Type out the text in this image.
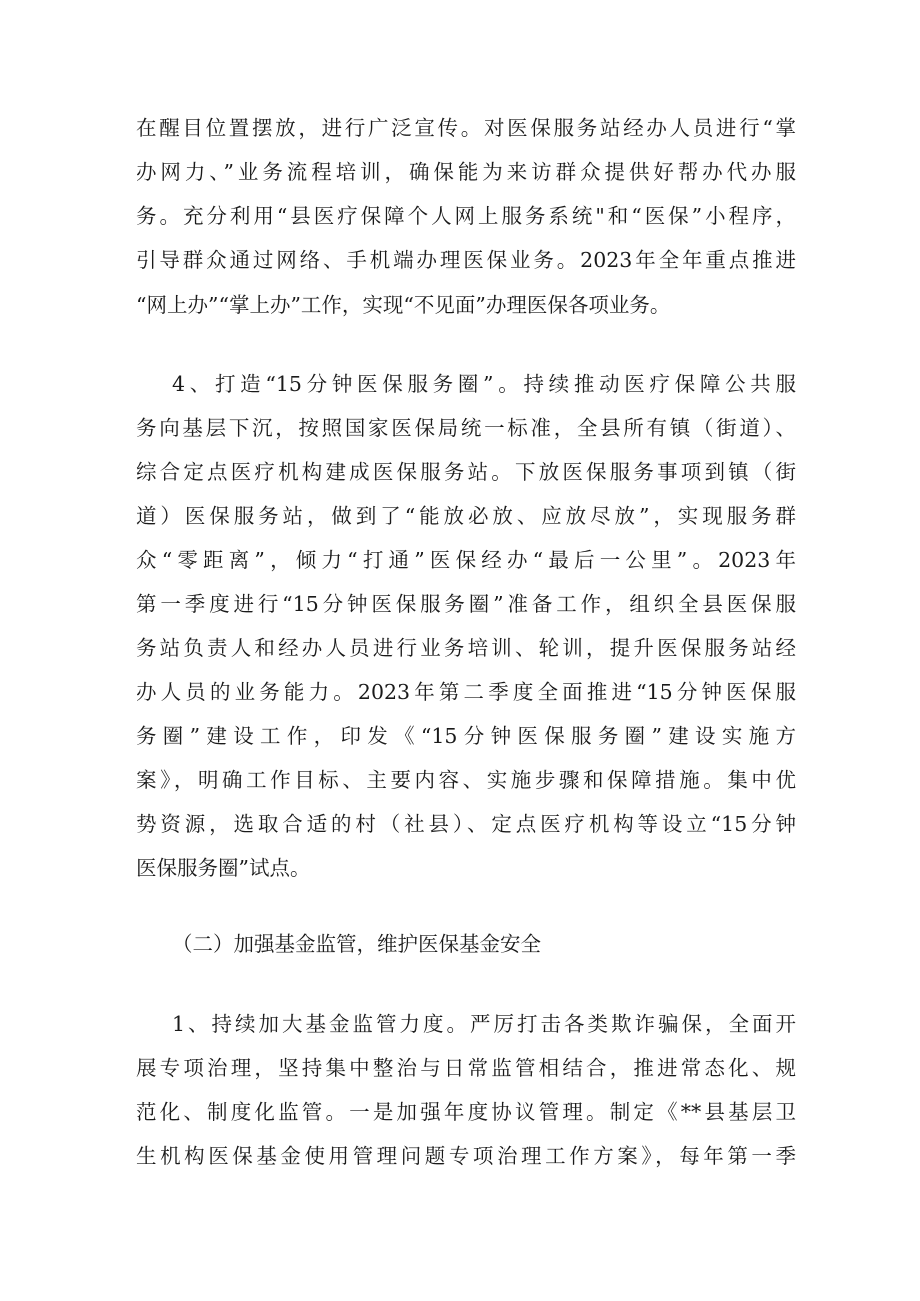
在醒目位置摆放，进行广泛宣传。对医保服务站经办人员进行“掌
办网力、”业务流程培训，确保能为来访群众提供好帮办代办服
务。充分利用“县医疗保障个人网上服务系统"和“医保”小程序，
引导群众通过网络、手机端办理医保业务。2023年全年重点推进
“网上办”“掌上办”工作，实现“不见面”办理医保各项业务。
4、打造“15分钟医保服务圈”。持续推动医疗保障公共服
务向基层下沉，按照国家医保局统一标准，全县所有镇（街道）、
综合定点医疗机构建成医保服务站。下放医保服务事项到镇（街
道）医保服务站，做到了“能放必放、应放尽放”，实现服务群
众“零距离”，倾力“打通”医保经办“最后一公里”。2023年
第一季度进行“15分钟医保服务圈”准备工作，组织全县医保服
务站负责人和经办人员进行业务培训、轮训，提升医保服务站经
办人员的业务能力。2023年第二季度全面推进“15分钟医保服
务圈”建设工作，印发《“15分钟医保服务圈”建设实施方
案》，明确工作目标、主要内容、实施步骤和保障措施。集中优
势资源，选取合适的村（社县）、定点医疗机构等设立“15分钟
医保服务圈”试点。
（二）加强基金监管，维护医保基金安全
1、持续加大基金监管力度。严厉打击各类欺诈骗保，全面开
展专项治理，坚持集中整治与日常监管相结合，推进常态化、规
范化、制度化监管。一是加强年度协议管理。制定《**县基层卫
生机构医保基金使用管理问题专项治理工作方案》，每年第一季
